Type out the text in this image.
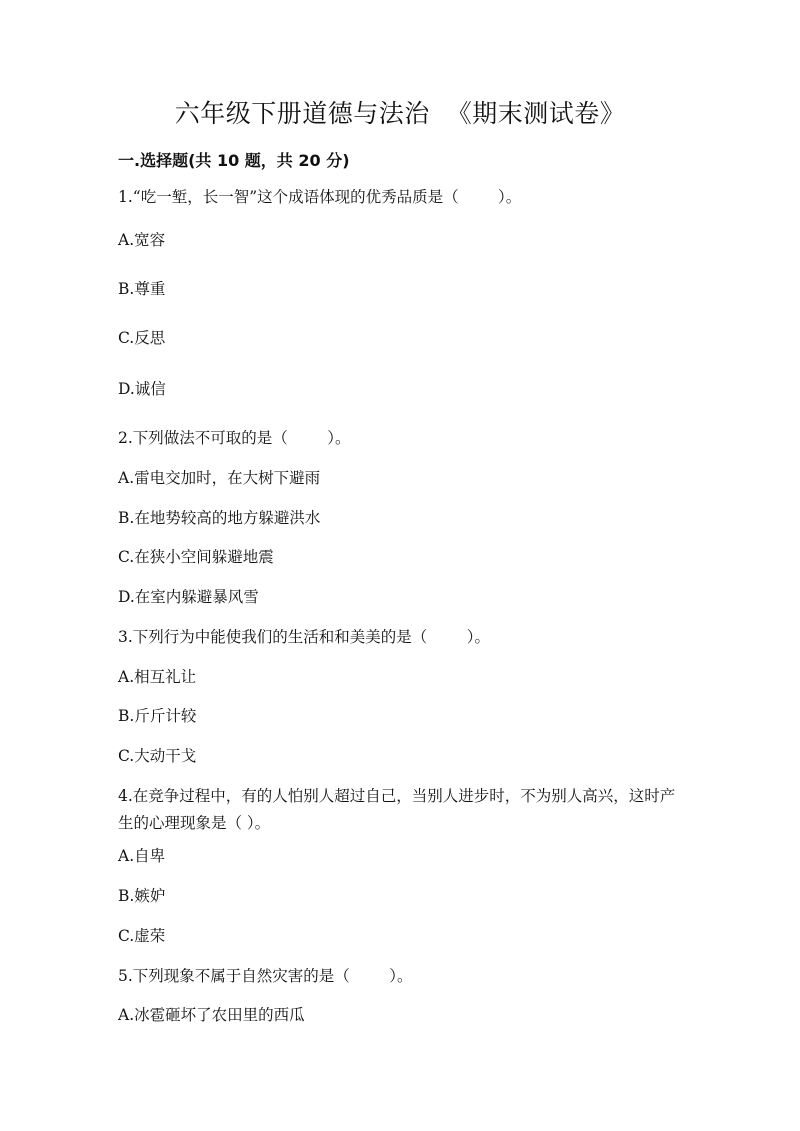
六年级下册道德与法治  《期末测试卷》
一.选择题(共 10 题，共 20 分)
1.“吃一堑，长一智”这个成语体现的优秀品质是（        ）。
A.宽容
B.尊重
C.反思
D.诚信
2.下列做法不可取的是（        ）。
A.雷电交加时，在大树下避雨
B.在地势较高的地方躲避洪水
C.在狭小空间躲避地震
D.在室内躲避暴风雪
3.下列行为中能使我们的生活和和美美的是（        ）。
A.相互礼让
B.斤斤计较
C.大动干戈
4.在竞争过程中，有的人怕别人超过自己，当别人进步时，不为别人高兴，这时产生的心理现象是（ ）。
A.自卑
B.嫉妒
C.虚荣
5.下列现象不属于自然灾害的是（        ）。
A.冰雹砸坏了农田里的西瓜
